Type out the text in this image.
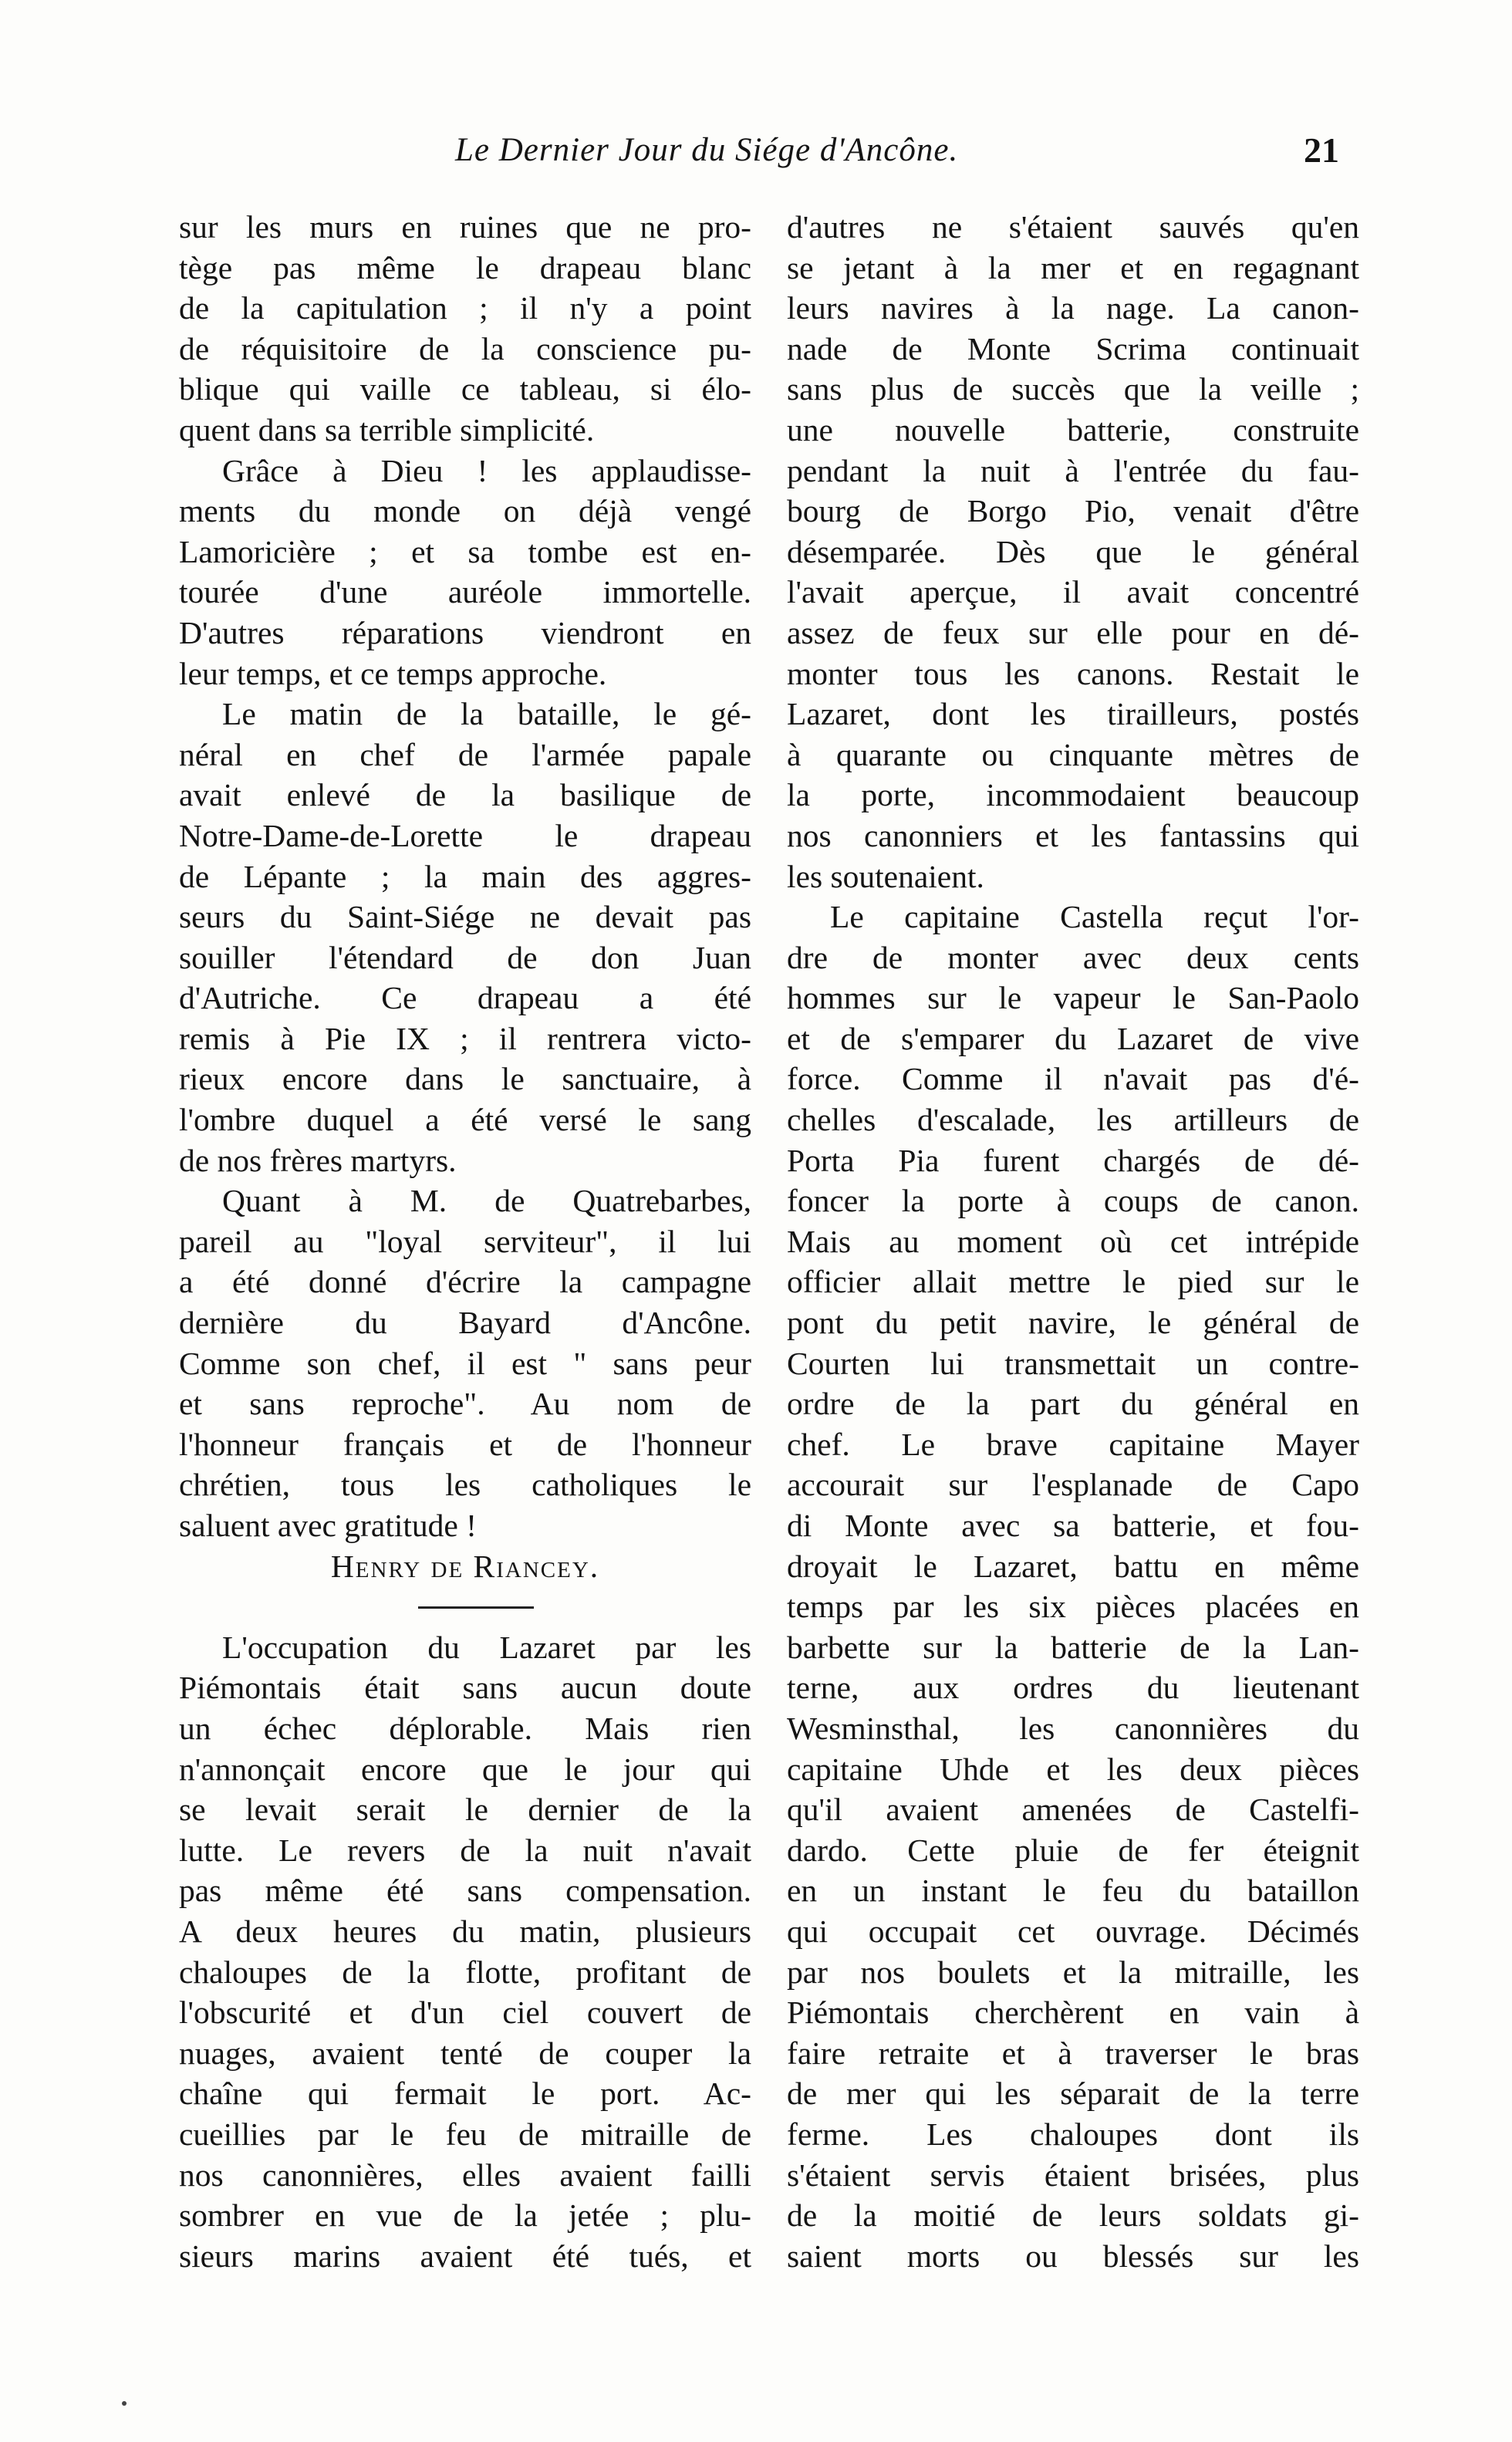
Le Dernier Jour du Siége d'Ancône.	21
sur les murs en ruines que ne pro-
tège pas même le drapeau blanc
de la capitulation ; il n'y a point
de réquisitoire de la conscience pu-
blique qui vaille ce tableau, si élo-
quent dans sa terrible simplicité.
Grâce à Dieu ! les applaudisse-
ments du monde on déjà vengé
Lamoricière ; et sa tombe est en-
tourée d'une auréole immortelle.
D'autres réparations viendront en
leur temps, et ce temps approche.
Le matin de la bataille, le gé-
néral en chef de l'armée papale
avait enlevé de la basilique de
Notre-Dame-de-Lorette le drapeau
de Lépante ; la main des aggres-
seurs du Saint-Siége ne devait pas
souiller l'étendard de don Juan
d'Autriche. Ce drapeau a été
remis à Pie IX ; il rentrera victo-
rieux encore dans le sanctuaire, à
l'ombre duquel a été versé le sang
de nos frères martyrs.
Quant à M. de Quatrebarbes,
pareil au "loyal serviteur", il lui
a été donné d'écrire la campagne
dernière du Bayard d'Ancône.
Comme son chef, il est " sans peur
et sans reproche". Au nom de
l'honneur français et de l'honneur
chrétien, tous les catholiques le
saluent avec gratitude !
Henry de Riancey.
L'occupation du Lazaret par les
Piémontais était sans aucun doute
un échec déplorable. Mais rien
n'annonçait encore que le jour qui
se levait serait le dernier de la
lutte. Le revers de la nuit n'avait
pas même été sans compensation.
A deux heures du matin, plusieurs
chaloupes de la flotte, profitant de
l'obscurité et d'un ciel couvert de
nuages, avaient tenté de couper la
chaîne qui fermait le port. Ac-
cueillies par le feu de mitraille de
nos canonnières, elles avaient failli
sombrer en vue de la jetée ; plu-
sieurs marins avaient été tués, et
d'autres ne s'étaient sauvés qu'en
se jetant à la mer et en regagnant
leurs navires à la nage. La canon-
nade de Monte Scrima continuait
sans plus de succès que la veille ;
une nouvelle batterie, construite
pendant la nuit à l'entrée du fau-
bourg de Borgo Pio, venait d'être
désemparée. Dès que le général
l'avait aperçue, il avait concentré
assez de feux sur elle pour en dé-
monter tous les canons. Restait le
Lazaret, dont les tirailleurs, postés
à quarante ou cinquante mètres de
la porte, incommodaient beaucoup
nos canonniers et les fantassins qui
les soutenaient.
Le capitaine Castella reçut l'or-
dre de monter avec deux cents
hommes sur le vapeur le San-Paolo
et de s'emparer du Lazaret de vive
force. Comme il n'avait pas d'é-
chelles d'escalade, les artilleurs de
Porta Pia furent chargés de dé-
foncer la porte à coups de canon.
Mais au moment où cet intrépide
officier allait mettre le pied sur le
pont du petit navire, le général de
Courten lui transmettait un contre-
ordre de la part du général en
chef. Le brave capitaine Mayer
accourait sur l'esplanade de Capo
di Monte avec sa batterie, et fou-
droyait le Lazaret, battu en même
temps par les six pièces placées en
barbette sur la batterie de la Lan-
terne, aux ordres du lieutenant
Wesminsthal, les canonnières du
capitaine Uhde et les deux pièces
qu'il avaient amenées de Castelfi-
dardo. Cette pluie de fer éteignit
en un instant le feu du bataillon
qui occupait cet ouvrage. Décimés
par nos boulets et la mitraille, les
Piémontais cherchèrent en vain à
faire retraite et à traverser le bras
de mer qui les séparait de la terre
ferme. Les chaloupes dont ils
s'étaient servis étaient brisées, plus
de la moitié de leurs soldats gi-
saient morts ou blessés sur les
